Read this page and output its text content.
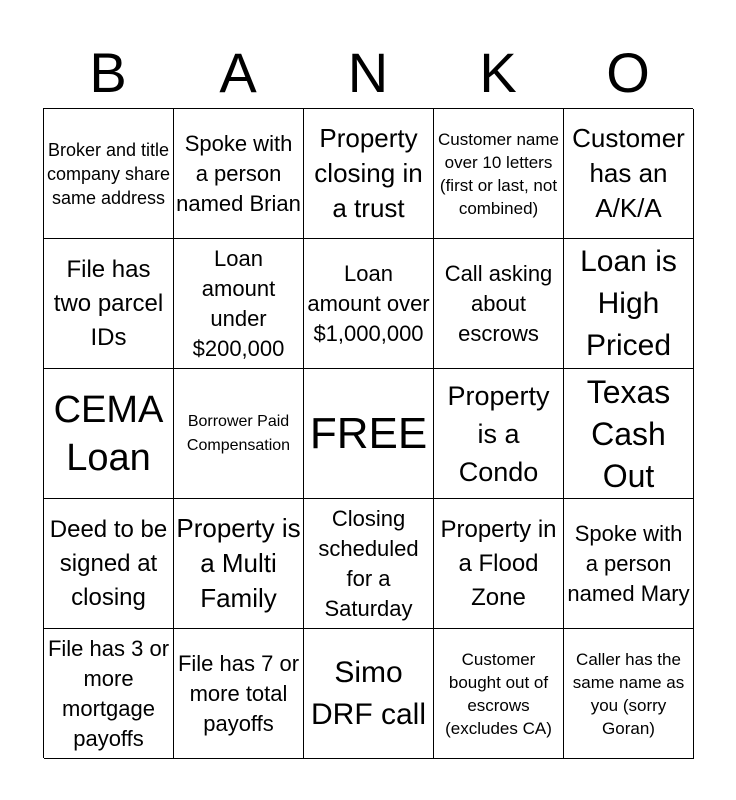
B	A	N	K	O
Broker and title company share same address
Spoke with a person named Brian
Property closing in a trust
Customer name over 10 letters (first or last, not combined)
Customer has an A/K/A
File has two parcel IDs
Loan amount under $200,000
Loan amount over $1,000,000
Call asking about escrows
Loan is High Priced
CEMA Loan
Borrower Paid Compensation FREE
Property is a Condo
Texas Cash Out
Deed to be signed at closing
Property is a Multi Family
Closing scheduled for a Saturday
Property in a Flood Zone
Spoke with a person named Mary
File has 3 or more mortgage payoffs
File has 7 or more total payoffs
Simo DRF call
Customer bought out of escrows (excludes CA)
Caller has the same name as you (sorry Goran)
